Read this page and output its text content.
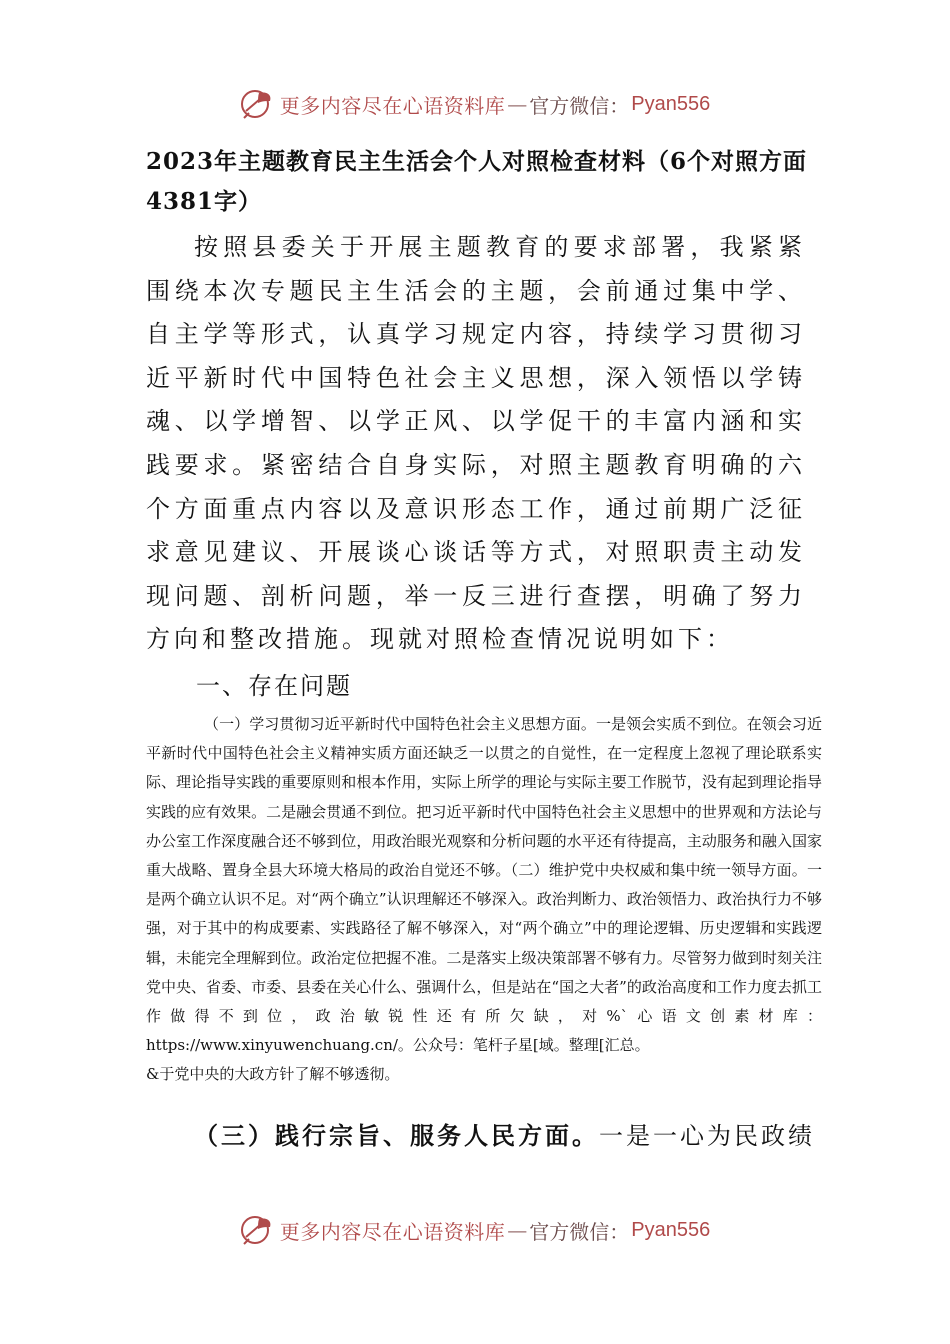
更多内容尽在心语资料库 — 官方微信： Pyan556
2023年主题教育民主生活会个人对照检查材料（6个对照方面4381字）

按照县委关于开展主题教育的要求部署，我紧紧围绕本次专题民主生活会的主题，会前通过集中学、自主学等形式，认真学习规定内容，持续学习贯彻习近平新时代中国特色社会主义思想，深入领悟以学铸魂、以学增智、以学正风、以学促干的丰富内涵和实践要求。紧密结合自身实际，对照主题教育明确的六个方面重点内容以及意识形态工作，通过前期广泛征求意见建议、开展谈心谈话等方式，对照职责主动发现问题、剖析问题，举一反三进行查摆，明确了努力方向和整改措施。现就对照检查情况说明如下：

一、存在问题

（一）学习贯彻习近平新时代中国特色社会主义思想方面。一是领会实质不到位。在领会习近平新时代中国特色社会主义精神实质方面还缺乏一以贯之的自觉性，在一定程度上忽视了理论联系实际、理论指导实践的重要原则和根本作用，实际上所学的理论与实际主要工作脱节，没有起到理论指导实践的应有效果。二是融会贯通不到位。把习近平新时代中国特色社会主义思想中的世界观和方法论与办公室工作深度融合还不够到位，用政治眼光观察和分析问题的水平还有待提高，主动服务和融入国家重大战略、置身全县大环境大格局的政治自觉还不够。（二）维护党中央权威和集中统一领导方面。一是两个确立认识不足。对“两个确立”认识理解还不够深入。政治判断力、政治领悟力、政治执行力不够强，对于其中的构成要素、实践路径了解不够深入，对“两个确立”中的理论逻辑、历史逻辑和实践逻辑，未能完全理解到位。政治定位把握不准。二是落实上级决策部署不够有力。尽管努力做到时刻关注党中央、省委、市委、县委在关心什么、强调什么，但是站在“国之大者”的政治高度和工作力度去抓工作做得不到位，政治敏锐性还有所欠缺，对%`心语文创素材库：https://www.xinyuwenchuang.cn/。公众号：笔杆子星[域。整理[汇总。
&于党中央的大政方针了解不够透彻。

（三）践行宗旨、服务人民方面。一是一心为民政绩

更多内容尽在心语资料库 — 官方微信： Pyan556
